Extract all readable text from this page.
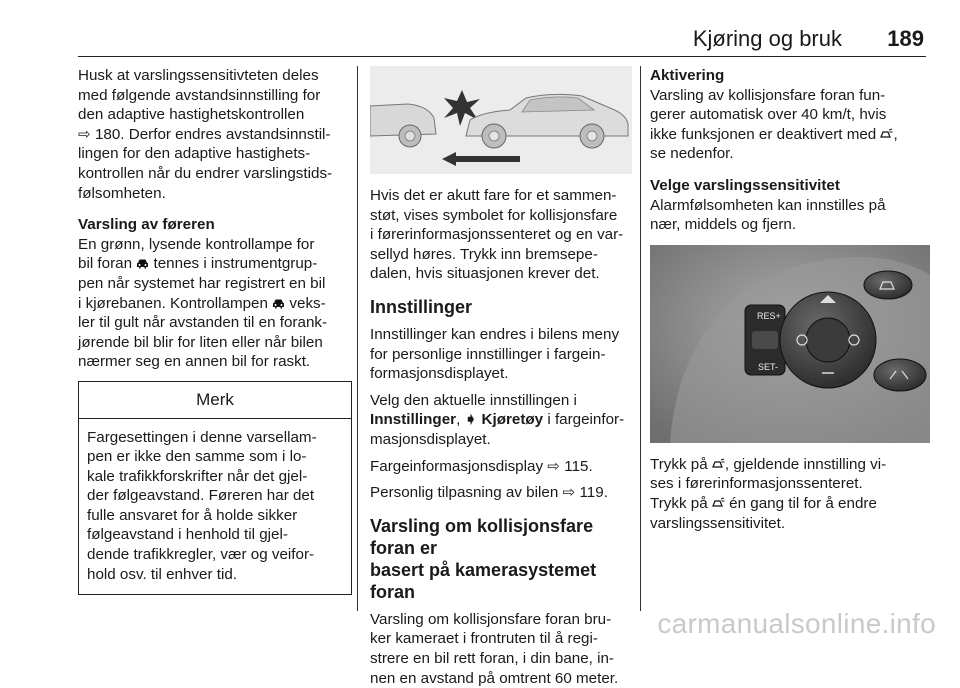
Kjøring og bruk 189

Husk at varslingssensitivteten deles

med følgende avstandsinnstilling for

den adaptive hastighetskontrollen

⇨ 180. Derfor endres avstandsinnstil-

lingen for den adaptive hastighets-

kontrollen når du endrer varslingstids-

følsomheten.

Varsling av føreren

En grønn, lysende kontrollampe for

bil foran tennes i instrumentgrup-

pen når systemet har registrert en bil

i kjørebanen. Kontrollampen veks-

ler til gult når avstanden til en forank-

jørende bil blir for liten eller når bilen

nærmer seg en annen bil for raskt.

Merk

Fargesettingen i denne varsellam-

pen er ikke den samme som i lo-

kale trafikkforskrifter når det gjel-

der følgeavstand. Føreren har det

fulle ansvaret for å holde sikker

følgeavstand i henhold til gjel-

dende trafikkregler, vær og veifor-

hold osv. til enhver tid.

Hvis det er akutt fare for et sammen-

støt, vises symbolet for kollisjonsfare

i førerinformasjonssenteret og en var-

sellyd høres. Trykk inn bremsepe-

dalen, hvis situasjonen krever det.

Innstillinger

Innstillinger kan endres i bilens meny

for personlige innstillinger i fargein-

formasjonsdisplayet.

Velg den aktuelle innstillingen i

Innstillinger, ➧ Kjøretøy i fargeinfor-

masjonsdisplayet.

Fargeinformasjonsdisplay ⇨ 115.

Personlig tilpasning av bilen ⇨ 119.

Varsling om kollisjonsfare foran er

basert på kamerasystemet foran

Varsling om kollisjonsfare foran bru-

ker kameraet i frontruten til å regi-

strere en bil rett foran, i din bane, in-

nen en avstand på omtrent 60 meter.

Aktivering

Varsling av kollisjonsfare foran fun-

gerer automatisk over 40 km/t, hvis

ikke funksjonen er deaktivert med ,

se nedenfor.

Velge varslingssensitivitet

Alarmfølsomheten kan innstilles på

nær, middels og fjern.

RES+
SET-

Trykk på , gjeldende innstilling vi-

ses i førerinformasjonssenteret.

Trykk på én gang til for å endre

varslingssensitivitet.

carmanualsonline.info
